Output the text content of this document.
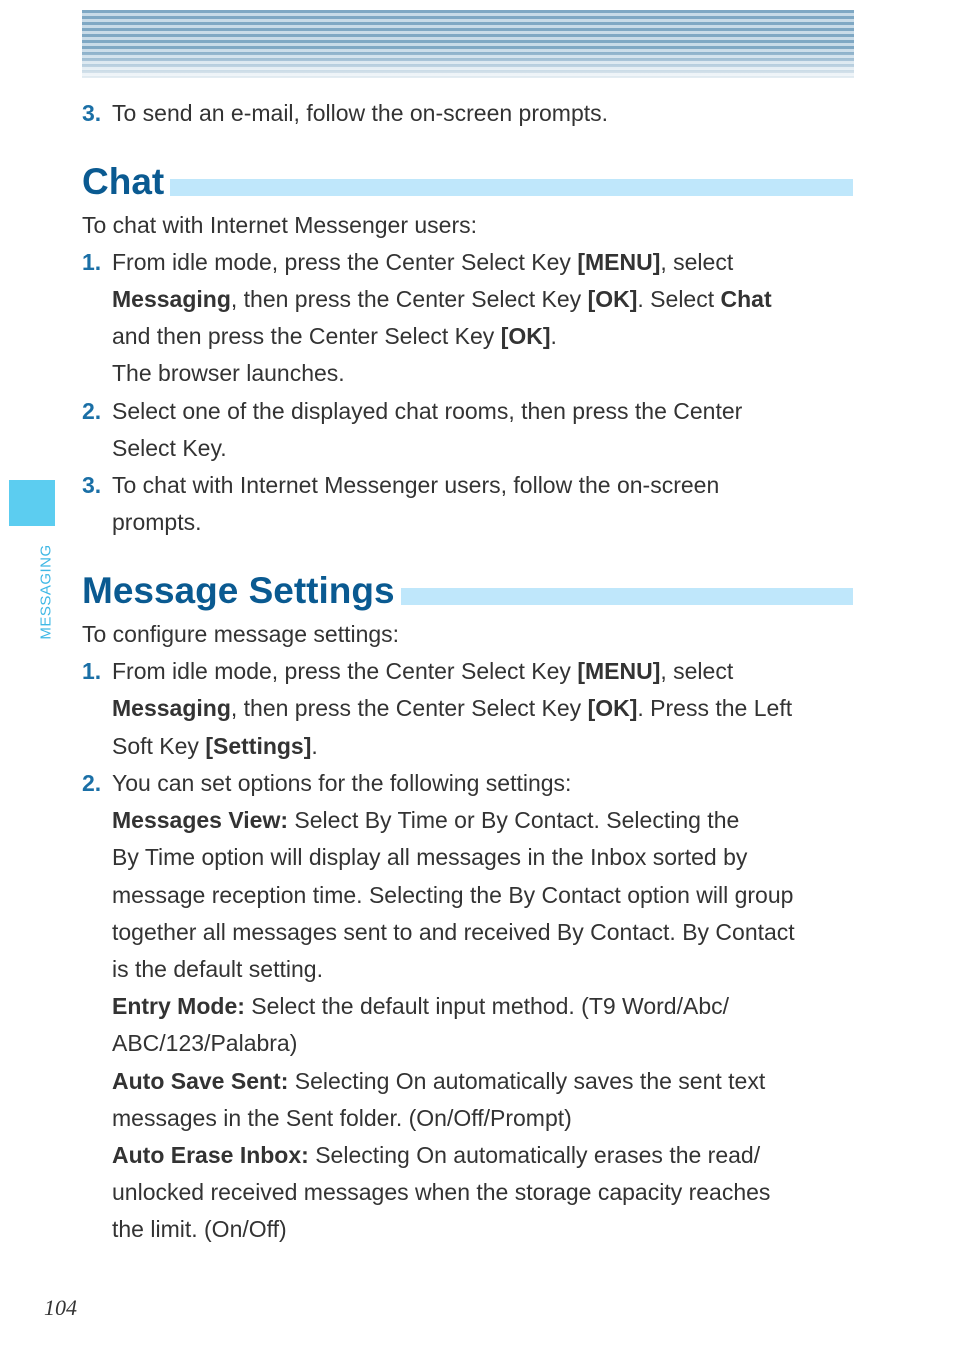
MESSAGING
3. To send an e-mail, follow the on-screen prompts.
Chat
To chat with Internet Messenger users:
1. From idle mode, press the Center Select Key [MENU], select
Messaging, then press the Center Select Key [OK]. Select Chat
and then press the Center Select Key [OK].
The browser launches.
2. Select one of the displayed chat rooms, then press the Center
Select Key.
3. To chat with Internet Messenger users, follow the on-screen
prompts.
Message Settings
To configure message settings:
1. From idle mode, press the Center Select Key [MENU], select
Messaging, then press the Center Select Key [OK]. Press the Left
Soft Key [Settings].
2. You can set options for the following settings:
Messages View: Select By Time or By Contact. Selecting the
By Time option will display all messages in the Inbox sorted by
message reception time. Selecting the By Contact option will group
together all messages sent to and received By Contact. By Contact
is the default setting.
Entry Mode: Select the default input method. (T9 Word/Abc/
ABC/123/Palabra)
Auto Save Sent: Selecting On automatically saves the sent text
messages in the Sent folder. (On/Off/Prompt)
Auto Erase Inbox: Selecting On automatically erases the read/
unlocked received messages when the storage capacity reaches
the limit. (On/Off)
104
